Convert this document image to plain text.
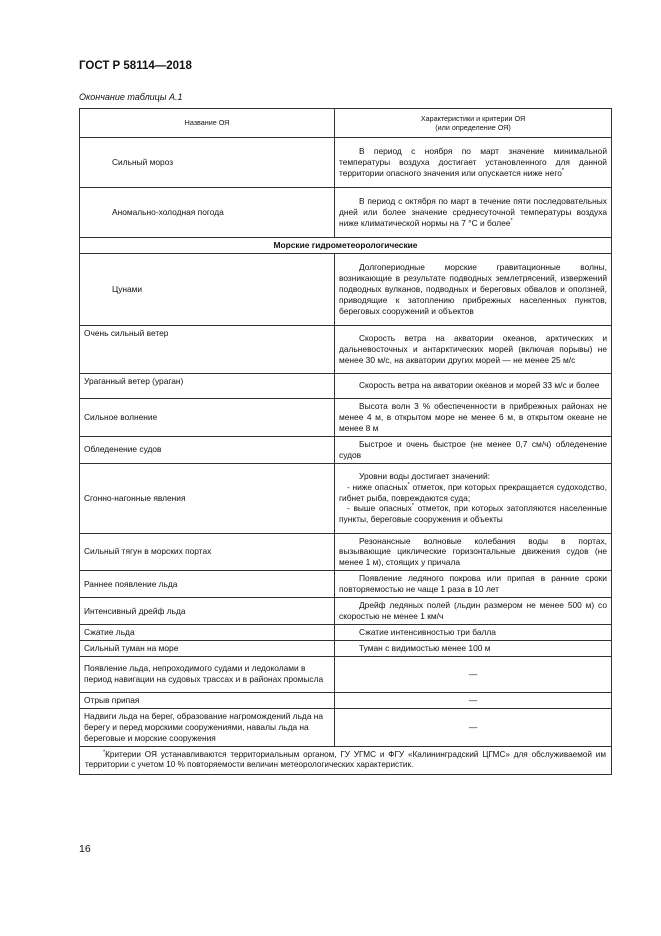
ГОСТ Р 58114—2018
Окончание таблицы А.1
Название ОЯ	Характеристики и критерии ОЯ
(или определение ОЯ)
Сильный мороз	В период с ноября по март значение минимальной температуры воздуха достигает установленного для данной территории опасного значения или опускается ниже него*

Аномально-холодная погода	В период с октября по март в течение пяти последовательных дней или более значение среднесуточной температуры воздуха ниже климатической нормы на 7 °С и более*

Морские гидрометеорологические	
Цунами	Долгопериодные морские гравитационные волны, возникающие в результате подводных землетрясений, извержений подводных вулканов, подводных и береговых обвалов и оползней, приводящие к затоплению прибрежных населенных пунктов, береговых сооружений и объектов

Очень сильный ветер	Скорость ветра на акватории океанов, арктических и дальневосточных и антарктических морей (включая порывы) не менее 30 м/с, на акватории других морей — не менее 25 м/с

Ураганный ветер (ураган)	Скорость ветра на акватории океанов и морей 33 м/с и более

Сильное волнение	Высота волн 3 % обеспеченности в прибрежных районах не менее 4 м, в открытом море не менее 6 м, в открытом океане не менее 8 м

Обледенение судов	Быстрое и очень быстрое (не менее 0,7 см/ч) обледенение судов

Сгонно-нагонные явления	Уровни воды достигает значений:

- ниже опасных* отметок, при которых прекращается судоходство, гибнет рыба, повреждаются суда;

- выше опасных* отметок, при которых затопляются населенные пункты, береговые сооружения и объекты

Сильный тягун в морских портах	Резонансные волновые колебания воды в портах, вызывающие циклические горизонтальные движения судов (не менее 1 м), стоящих у причала

Раннее появление льда	Появление ледяного покрова или припая в ранние сроки повторяемостью не чаще 1 раза в 10 лет

Интенсивный дрейф льда	Дрейф ледяных полей (льдин размером не менее 500 м) со скоростью не менее 1 км/ч

Сжатие льда	Сжатие интенсивностью три балла

Сильный туман на море	Туман с видимостью менее 100 м

Появление льда, непроходимого судами и ледоколами в период навигации на судовых трассах и в районах промысла	—
Отрыв припая	—
Надвиги льда на берег, образование нагромождений льда на берегу и перед морскими сооружениями, навалы льда на береговые и морские сооружения	—
*Критерии ОЯ устанавливаются территориальным органом, ГУ УГМС и ФГУ «Калининградский ЦГМС» для обслуживаемой им территории с учетом 10 % повторяемости величин метеорологических характеристик.	
16
